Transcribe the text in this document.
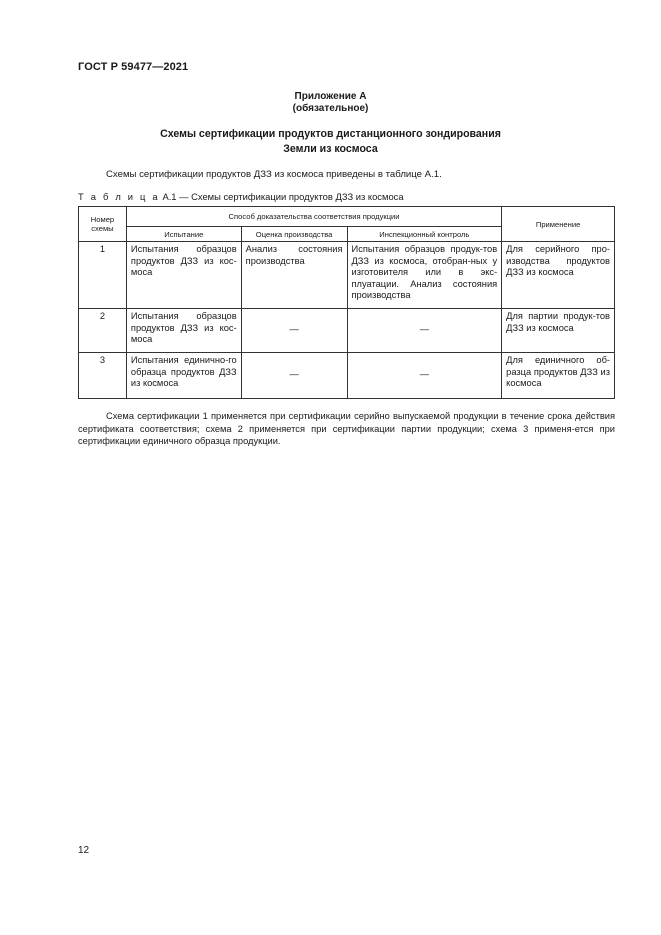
ГОСТ Р 59477—2021
Приложение А
(обязательное)
Схемы сертификации продуктов дистанционного зондирования
Земли из космоса
Схемы сертификации продуктов ДЗЗ из космоса приведены в таблице А.1.
Т а б л и ц а А.1 — Схемы сертификации продуктов ДЗЗ из космоса
Номер схемы	Способ доказательства соответствия продукции			Применение
	Испытание	Оценка производства	Инспекционный контроль	

1	Испытания образцов продуктов ДЗЗ из кос-моса	Анализ состояния производства	Испытания образцов продук-тов ДЗЗ из космоса, отобран-ных у изготовителя или в экс-плуатации. Анализ состояния производства	Для серийного про-изводства продуктов ДЗЗ из космоса

2	Испытания образцов продуктов ДЗЗ из кос-моса	—	—	Для партии продук-тов ДЗЗ из космоса

3	Испытания единично-го образца продуктов ДЗЗ из космоса	—	—	Для единичного об-разца продуктов ДЗЗ из космоса
Схема сертификации 1 применяется при сертификации серийно выпускаемой продукции в течение срока действия сертификата соответствия; схема 2 применяется при сертификации партии продукции; схема 3 применя-ется при сертификации единичного образца продукции.
12
